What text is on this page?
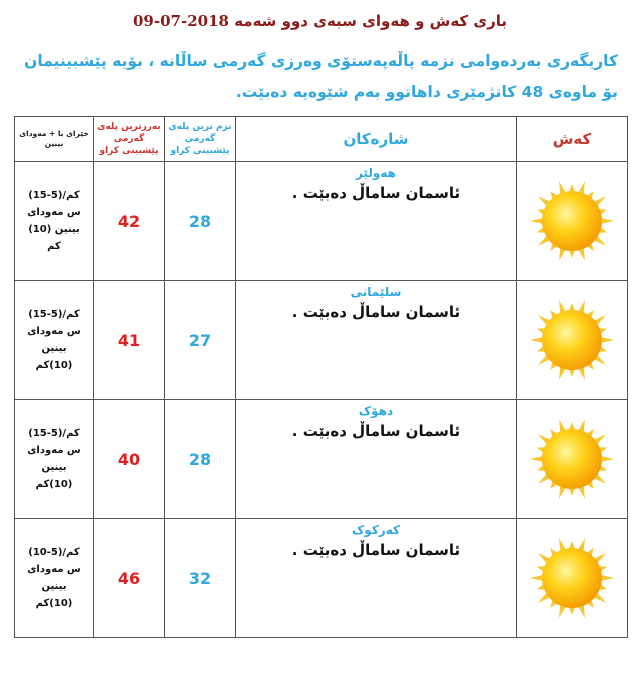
باری کەش و هەوای سبەی دوو شەمە 2018-07-09
کاریگەری بەردەوامی نزمە پاڵەپەستۆی وەرزی گەرمی ساڵانە ، بۆیە پێشبینیمان بۆ ماوەی 48 کاتژمێری داهاتوو بەم شێوەیە دەبێت.
خێرای با + مەودای بینین	بەرزترین پلەی گەرمی پێشبینی کراو	نزم ترین پلەی گەرمی پێشبینی کراو	شارەکان	کەش

(15-5)کم/س مەودای بینین (10) کم	42	28	هەولێر
ئاسمان ساماڵ دەبێت .

(15-5)کم/س مەودای بینین (10)کم	41	27	سلێمانی
ئاسمان ساماڵ دەبێت .

(15-5)کم/س مەودای بینین (10)کم	40	28	دهۆک
ئاسمان ساماڵ دەبێت .

(10-5)کم/س مەودای بینین (10)کم	46	32	کەرکوک
ئاسمان ساماڵ دەبێت .
